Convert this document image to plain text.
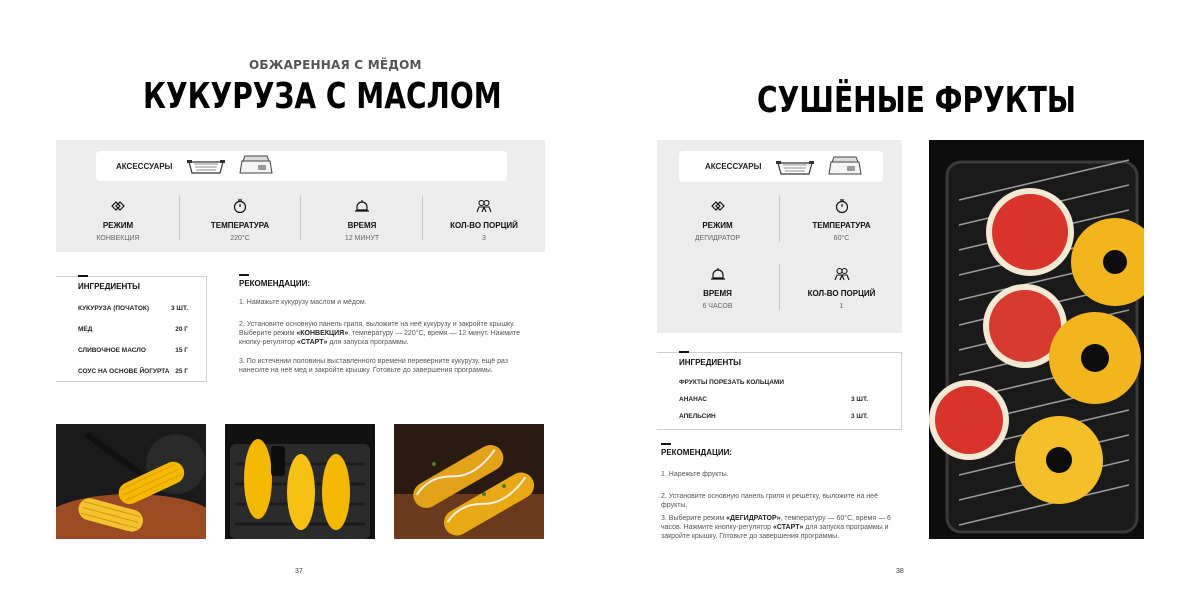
ОБЖАРЕННАЯ С МЁДОМ
КУКУРУЗА С МАСЛОМ
АКСЕССУАРЫ
РЕЖИМ
КОНВЕКЦИЯ
ТЕМПЕРАТУРА
220°С
ВРЕМЯ
12 МИНУТ
КОЛ-ВО ПОРЦИЙ
3
ИНГРЕДИЕНТЫ
КУКУРУЗА (ПОЧАТОК)	3 ШТ.
МЁД	20 Г
СЛИВОЧНОЕ МАСЛО	15 Г
СОУС НА ОСНОВЕ ЙОГУРТА 25 Г
РЕКОМЕНДАЦИИ:
1. Намажьте кукурузу маслом и мёдом.
2. Установите основную панель гриля, выложите на неё кукурузу и закройте крышку. Выберите режим «КОНВЕКЦИЯ», температуру — 220°С, время — 12 минут. Нажмите кнопку-регулятор «СТАРТ» для запуска программы.
3. По истечении половины выставленного времени переверните кукурузу, ещё раз нанесите на неё мед и закройте крышку. Готовьте до завершения программы.
37
СУШЁНЫЕ ФРУКТЫ
АКСЕССУАРЫ
РЕЖИМ
ДЕГИДРАТОР
ТЕМПЕРАТУРА
60°С
ВРЕМЯ
6 ЧАСОВ
КОЛ-ВО ПОРЦИЙ
1
ИНГРЕДИЕНТЫ
ФРУКТЫ ПОРЕЗАТЬ КОЛЬЦАМИ
АНАНАС	3 ШТ.
АПЕЛЬСИН	3 ШТ.
РЕКОМЕНДАЦИИ:
1. Нарежьте фрукты.
2. Установите основную панель гриля и решётку, выложите на неё фрукты.
3. Выберите режим «ДЕГИДРАТОР», температуру — 60°С, время — 6 часов. Нажмите кнопку-регулятор «СТАРТ» для запуска программы и закройте крышку. Готовьте до завершения программы.
38
